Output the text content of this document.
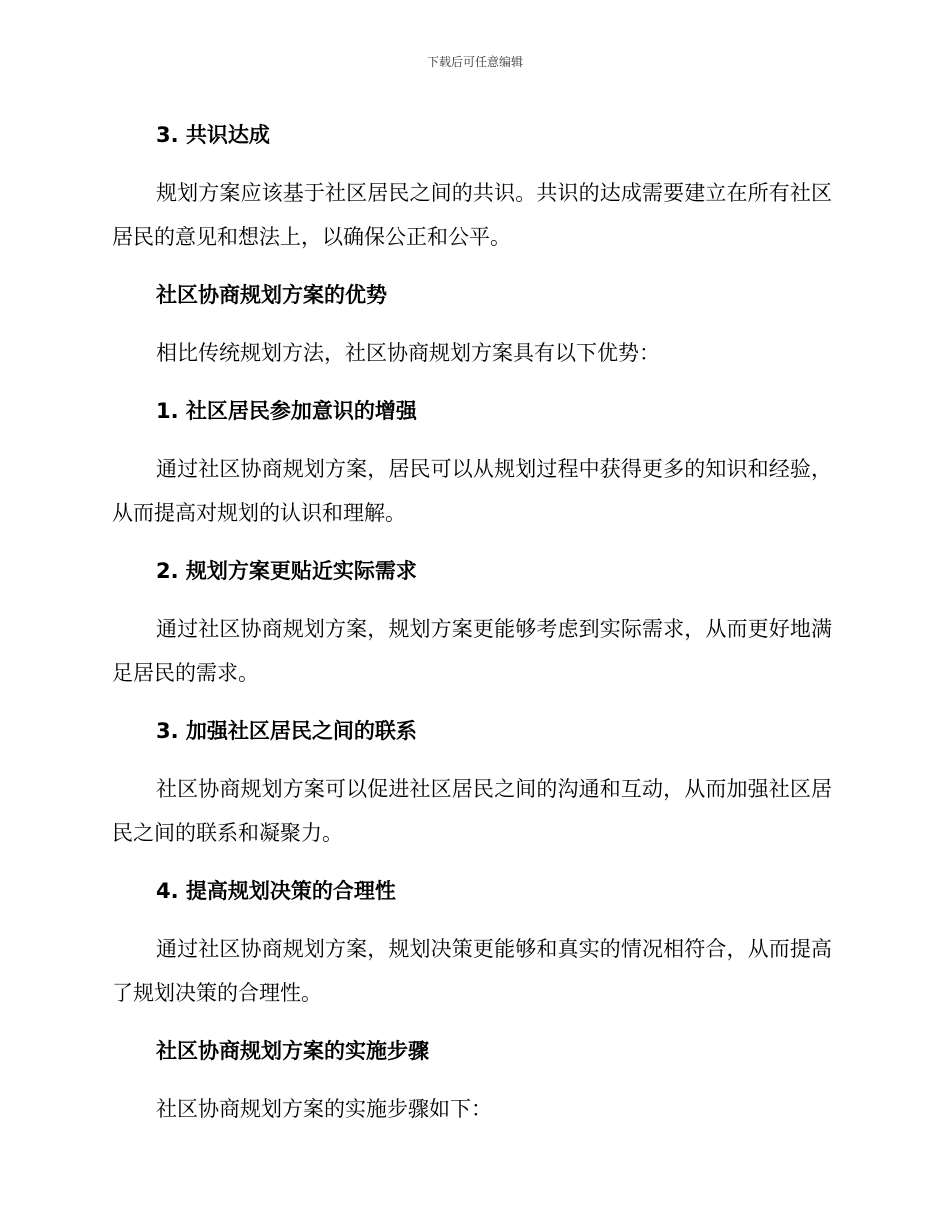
下载后可任意编辑

3. 共识达成

规划方案应该基于社区居民之间的共识。共识的达成需要建立在所有社区居民的意见和想法上，以确保公正和公平。

社区协商规划方案的优势

相比传统规划方法，社区协商规划方案具有以下优势：

1. 社区居民参加意识的增强

通过社区协商规划方案，居民可以从规划过程中获得更多的知识和经验，从而提高对规划的认识和理解。

2. 规划方案更贴近实际需求

通过社区协商规划方案，规划方案更能够考虑到实际需求，从而更好地满足居民的需求。

3. 加强社区居民之间的联系

社区协商规划方案可以促进社区居民之间的沟通和互动，从而加强社区居民之间的联系和凝聚力。

4. 提高规划决策的合理性

通过社区协商规划方案，规划决策更能够和真实的情况相符合，从而提高了规划决策的合理性。

社区协商规划方案的实施步骤

社区协商规划方案的实施步骤如下：
